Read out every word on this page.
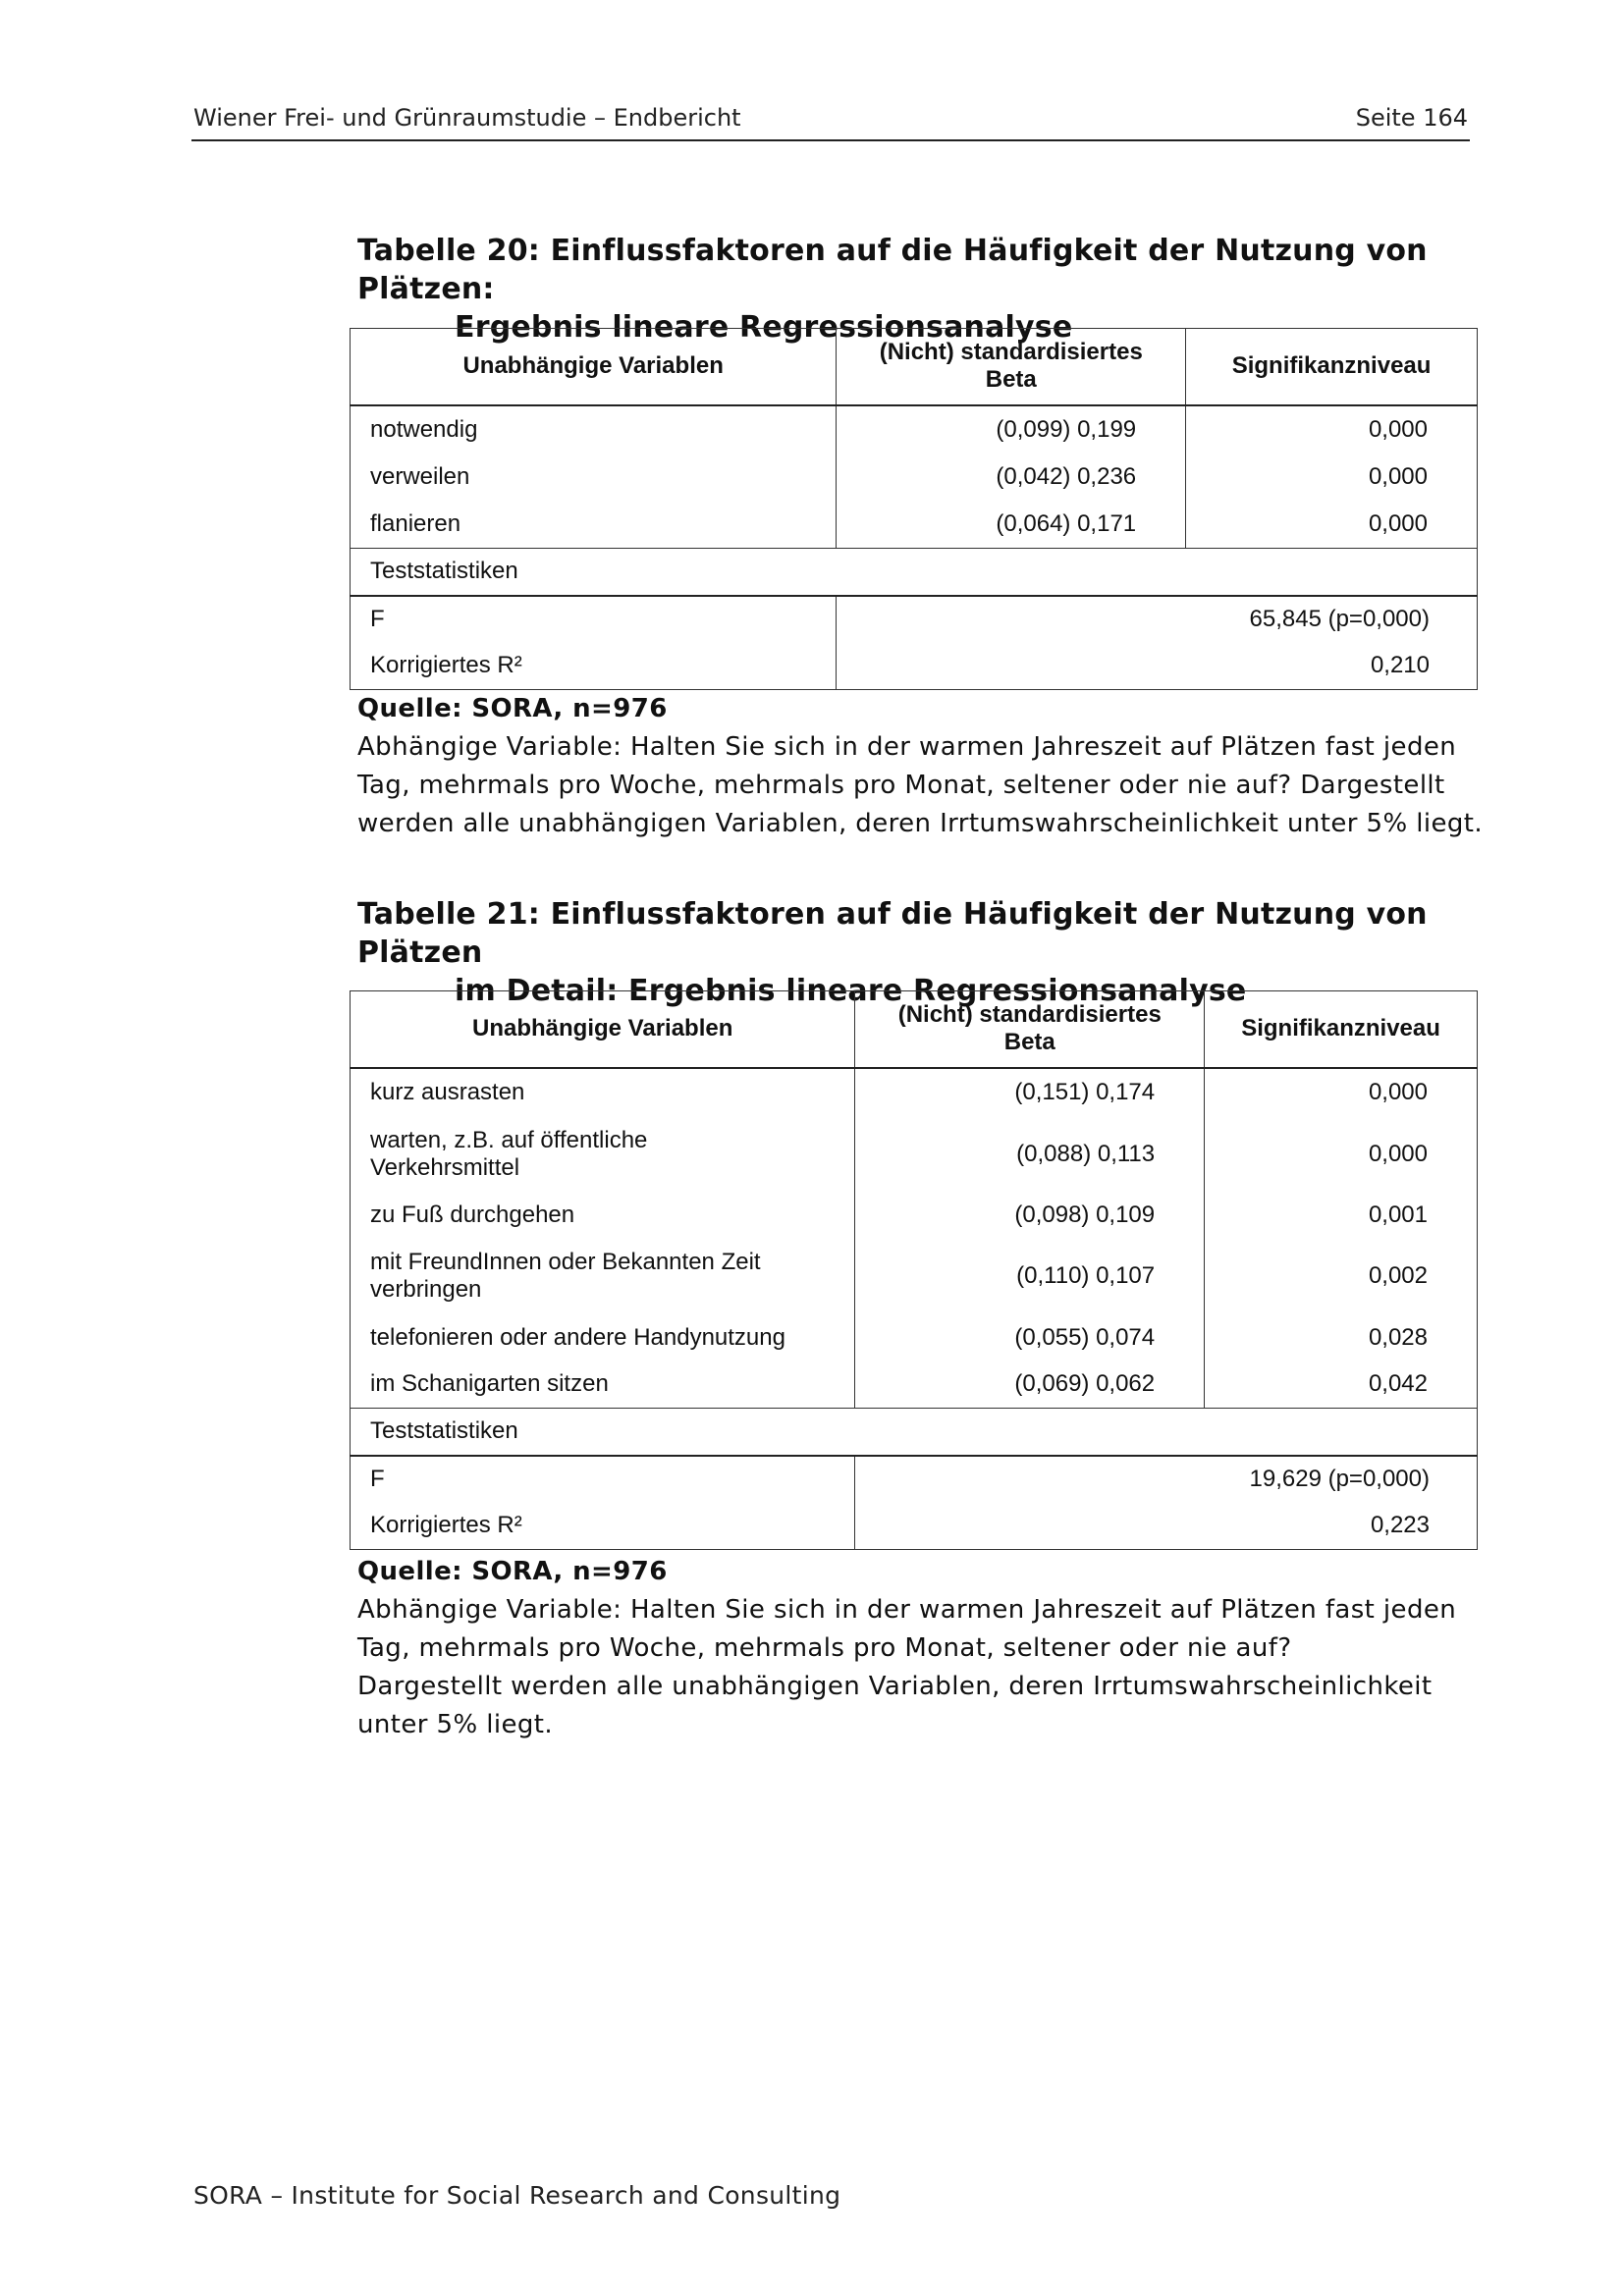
Wiener Frei- und Grünraumstudie – Endbericht	Seite 164
Tabelle 20: Einflussfaktoren auf die Häufigkeit der Nutzung von Plätzen:
Ergebnis lineare Regressionsanalyse
Unabhängige Variablen	(Nicht) standardisiertes Beta	Signifikanzniveau
notwendig	(0,099) 0,199	0,000
verweilen	(0,042) 0,236	0,000
flanieren	(0,064) 0,171	0,000
Teststatistiken		
F	65,845 (p=0,000)	
Korrigiertes R²	0,210	
Quelle: SORA, n=976
Abhängige Variable: Halten Sie sich in der warmen Jahreszeit auf Plätzen fast jeden Tag, mehrmals pro Woche, mehrmals pro Monat, seltener oder nie auf? Dargestellt werden alle unabhängigen Variablen, deren Irrtumswahrscheinlichkeit unter 5% liegt.
Tabelle 21: Einflussfaktoren auf die Häufigkeit der Nutzung von Plätzen
im Detail: Ergebnis lineare Regressionsanalyse
Unabhängige Variablen	(Nicht) standardisiertes Beta	Signifikanzniveau
kurz ausrasten	(0,151) 0,174	0,000
warten, z.B. auf öffentliche Verkehrsmittel	(0,088) 0,113	0,000
zu Fuß durchgehen	(0,098) 0,109	0,001
mit FreundInnen oder Bekannten Zeit verbringen	(0,110) 0,107	0,002
telefonieren oder andere Handynutzung	(0,055) 0,074	0,028
im Schanigarten sitzen	(0,069) 0,062	0,042
Teststatistiken		
F	19,629 (p=0,000)	
Korrigiertes R²	0,223	
Quelle: SORA, n=976
Abhängige Variable: Halten Sie sich in der warmen Jahreszeit auf Plätzen fast jeden
Tag, mehrmals pro Woche, mehrmals pro Monat, seltener oder nie auf?
Dargestellt werden alle unabhängigen Variablen, deren Irrtumswahrscheinlichkeit
unter 5% liegt.
SORA – Institute for Social Research and Consulting
